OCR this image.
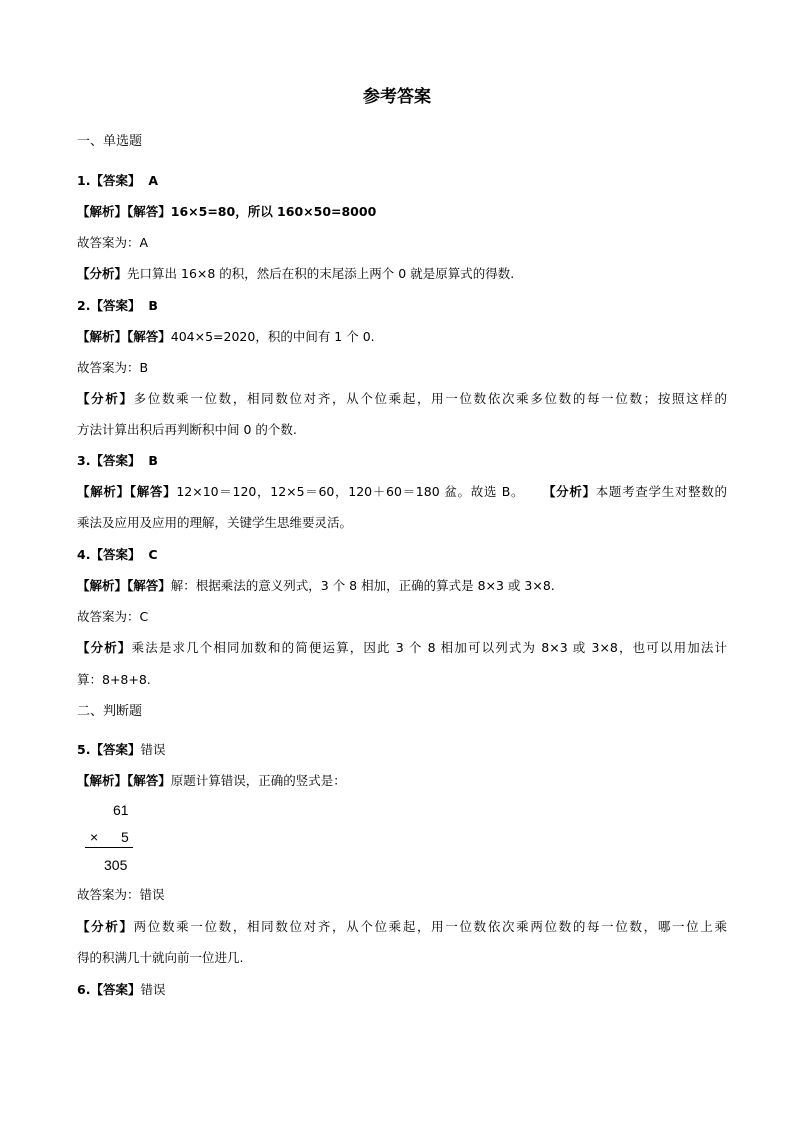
参考答案
一、单选题
1.【答案】 A
【解析】【解答】16×5=80，所以 160×50=8000
故答案为：A
【分析】先口算出 16×8 的积，然后在积的末尾添上两个 0 就是原算式的得数.
2.【答案】 B
【解析】【解答】404×5=2020，积的中间有 1 个 0.
故答案为：B
【分析】多位数乘一位数，相同数位对齐，从个位乘起，用一位数依次乘多位数的每一位数；按照这样的
方法计算出积后再判断积中间 0 的个数.
3.【答案】 B
【解析】【解答】12×10＝120，12×5＝60，120＋60＝180 盆。故选 B。 【分析】本题考查学生对整数的
乘法及应用及应用的理解，关键学生思维要灵活。
4.【答案】 C
【解析】【解答】解：根据乘法的意义列式，3 个 8 相加，正确的算式是 8×3 或 3×8.
故答案为：C
【分析】乘法是求几个相同加数和的简便运算，因此 3 个 8 相加可以列式为 8×3 或 3×8，也可以用加法计
算：8+8+8.
二、判断题
5.【答案】错误
【解析】【解答】原题计算错误，正确的竖式是：
61
× 5
305
故答案为：错误
【分析】两位数乘一位数，相同数位对齐，从个位乘起，用一位数依次乘两位数的每一位数，哪一位上乘
得的积满几十就向前一位进几.
6.【答案】错误
